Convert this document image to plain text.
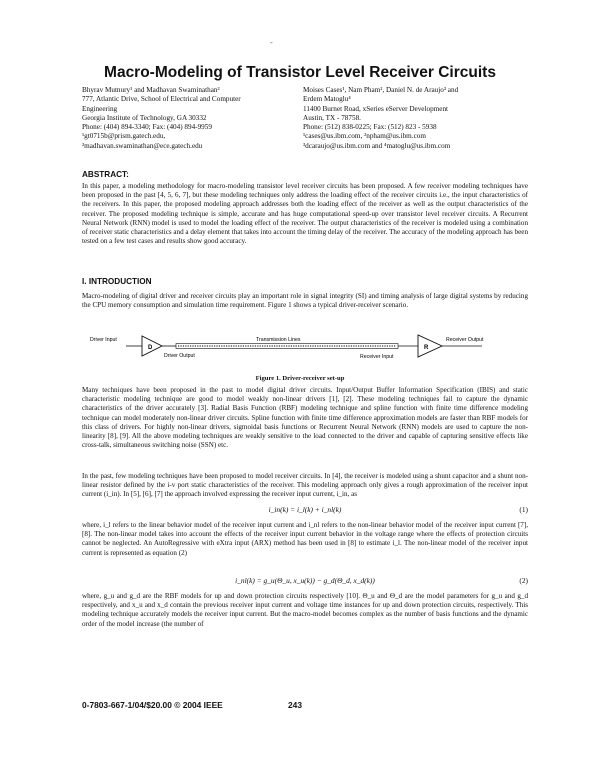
-
Macro-Modeling of Transistor Level Receiver Circuits
Bhyrav Mutnury¹ and Madhavan Swaminathan²
777, Atlantic Drive, School of Electrical and Computer
Engineering
Georgia Institute of Technology, GA 30332
Phone: (404) 894-3340; Fax: (404) 894-9959
¹gt0715b@prism.gatech.edu,
²madhavan.swaminathan@ece.gatech.edu
Moises Cases¹, Nam Pham², Daniel N. de Araujo³ and
Erdem Matoglu⁴
11400 Burnet Road, xSeries eServer Development
Austin, TX - 78758.
Phone: (512) 838-0225; Fax: (512) 823 - 5938
¹cases@us.ibm.com, ²npham@us.ibm.com
³dcaraujo@us.ibm.com and ⁴matoglu@us.ibm.com
ABSTRACT:
In this paper, a modeling methodology for macro-modeling transistor level receiver circuits has been proposed. A few receiver modeling techniques have been proposed in the past [4, 5, 6, 7], but these modeling techniques only address the loading effect of the receiver circuits i.e., the input characteristics of the receivers. In this paper, the proposed modeling approach addresses both the loading effect of the receiver as well as the output characteristics of the receiver. The proposed modeling technique is simple, accurate and has huge computational speed-up over transistor level receiver circuits. A Recurrent Neural Network (RNN) model is used to model the loading effect of the receiver. The output characteristics of the receiver is modeled using a combination of receiver static characteristics and a delay element that takes into account the timing delay of the receiver. The accuracy of the modeling approach has been tested on a few test cases and results show good accuracy.
I. INTRODUCTION
Macro-modeling of digital driver and receiver circuits play an important role in signal integrity (SI) and timing analysis of large digital systems by reducing the CPU memory consumption and simulation time requirement. Figure 1 shows a typical driver-receiver scenario.
D	R
Driver Input
Driver Output
Transmission Lines
Receiver Input
Receiver Output
Figure 1. Driver-receiver set-up
Many techniques have been proposed in the past to model digital driver circuits. Input/Output Buffer Information Specification (IBIS) and static characteristic modeling technique are good to model weakly non-linear drivers [1], [2]. These modeling techniques fail to capture the dynamic characteristics of the driver accurately [3]. Radial Basis Function (RBF) modeling technique and spline function with finite time difference modeling technique can model moderately non-linear driver circuits. Spline function with finite time difference approximation models are faster than RBF models for this class of drivers. For highly non-linear drivers, sigmoidal basis functions or Recurrent Neural Network (RNN) models are used to capture the non-linearity [8], [9]. All the above modeling techniques are weakly sensitive to the load connected to the driver and capable of capturing sensitive effects like cross-talk, simultaneous switching noise (SSN) etc.
In the past, few modeling techniques have been proposed to model receiver circuits. In [4], the receiver is modeled using a shunt capacitor and a shunt non-linear resistor defined by the i-v port static characteristics of the receiver. This modeling approach only gives a rough approximation of the receiver input current (i_in). In [5], [6], [7] the approach involved expressing the receiver input current, i_in, as
i_in(k) = i_l(k) + i_nl(k)	(1)
where, i_l refers to the linear behavior model of the receiver input current and i_nl refers to the non-linear behavior model of the receiver input current [7],[8]. The non-linear model takes into account the effects of the receiver input current behavior in the voltage range where the effects of protection circuits cannot be neglected. An AutoRegressive with eXtra input (ARX) method has been used in [8] to estimate i_l. The non-linear model of the receiver input current is represented as equation (2)
i_nl(k) = g_u(Θ_u, x_u(k)) − g_d(Θ_d, x_d(k))	(2)
where, g_u and g_d are the RBF models for up and down protection circuits respectively [10]. Θ_u and Θ_d are the model parameters for g_u and g_d respectively, and x_u and x_d contain the previous receiver input current and voltage time instances for up and down protection circuits, respectively. This modeling technique accurately models the receiver input current. But the macro-model becomes complex as the number of basis functions and the dynamic order of the model increase (the number of
0-7803-667-1/04/$20.00 © 2004 IEEE	243
